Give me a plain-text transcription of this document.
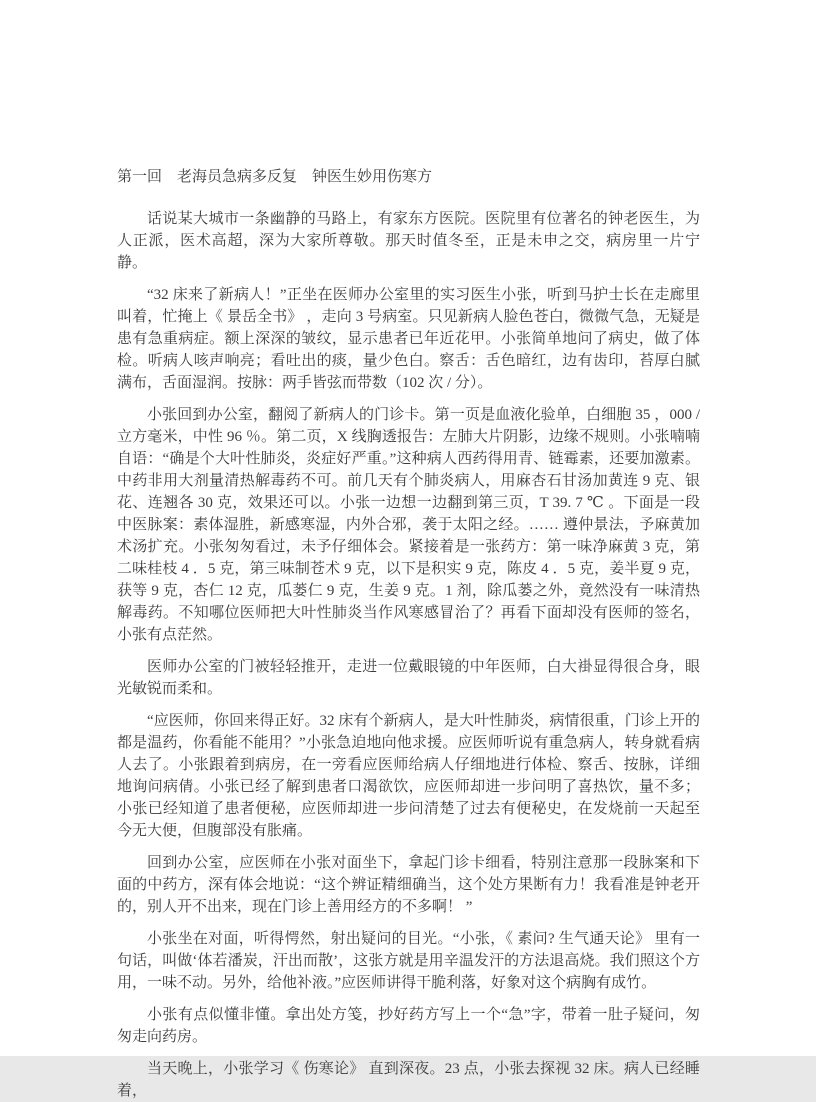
第一回　老海员急病多反复　钟医生妙用伤寒方

话说某大城市一条幽静的马路上，有家东方医院。医院里有位著名的钟老医生，为人正派，医术高超，深为大家所尊敬。那天时值冬至，正是未申之交，病房里一片宁静。

“32 床来了新病人！”正坐在医师办公室里的实习医生小张，听到马护士长在走廊里叫着，忙掩上《 景岳全书》 ，走向 3 号病室。只见新病人脸色苍白，微微气急，无疑是患有急重病症。额上深深的皱纹，显示患者已年近花甲。小张简单地问了病史，做了体检。听病人咳声响亮；看吐出的痰，量少色白。察舌：舌色暗红，边有齿印，苔厚白腻满布，舌面湿润。按脉：两手皆弦而带数（102 次 / 分）。

小张回到办公室，翻阅了新病人的门诊卡。第一页是血液化验单，白细胞 35 ，000 / 立方毫米，中性 96 ％。第二页，X 线胸透报告：左肺大片阴影，边缘不规则。小张喃喃自语：“确是个大叶性肺炎，炎症好严重。”这种病人西药得用青、链霉素，还要加激素。中药非用大剂量清热解毒药不可。前几天有个肺炎病人，用麻杏石甘汤加黄连 9 克、银花、连翘各 30 克，效果还可以。小张一边想一边翻到第三页，T 39. 7 ℃ 。下面是一段中医脉案：素体湿胜，新感寒湿，内外合邪，袭于太阳之经。…… 遵仲景法，予麻黄加术汤扩充。小张匆匆看过，未予仔细体会。紧接着是一张药方：第一味净麻黄 3 克，第二味桂枝 4 ．5 克，第三味制苍术 9 克，以下是积实 9 克，陈皮 4 ．5 克，姜半夏 9 克，获等 9 克，杏仁 12 克，瓜蒌仁 9 克，生姜 9 克。1 剂，除瓜蒌之外，竟然没有一味清热解毒药。不知哪位医师把大叶性肺炎当作风寒感冒治了？再看下面却没有医师的签名，小张有点茫然。

医师办公室的门被轻轻推开，走进一位戴眼镜的中年医师，白大褂显得很合身，眼光敏锐而柔和。

“应医师，你回来得正好。32 床有个新病人，是大叶性肺炎，病情很重，门诊上开的都是温药，你看能不能用？”小张急迫地向他求援。应医师听说有重急病人，转身就看病人去了。小张跟着到病房，在一旁看应医师给病人仔细地进行体检、察舌、按脉，详细地询问病倩。小张已经了解到患者口渴欲饮，应医师却进一步问明了喜热饮，量不多；小张已经知道了患者便秘，应医师却进一步问清楚了过去有便秘史，在发烧前一天起至今无大便，但腹部没有胀痛。

回到办公室，应医师在小张对面坐下，拿起门诊卡细看，特别注意那一段脉案和下面的中药方，深有体会地说：“这个辨证精细确当，这个处方果断有力！我看准是钟老开的，别人开不出来，现在门诊上善用经方的不多啊！ ”

小张坐在对面，听得愕然，射出疑问的目光。“小张，《 素问? 生气通天论》 里有一句话，叫做‘体若潘炭，汗出而散’，这张方就是用辛温发汗的方法退高烧。我们照这个方用，一味不动。另外，给他补液。”应医师讲得干脆利落，好象对这个病胸有成竹。

小张有点似懂非懂。拿出处方笺，抄好药方写上一个“急”字，带着一肚子疑问，匆匆走向药房。

当天晚上，小张学习《 伤寒论》 直到深夜。23 点，小张去探视 32 床。病人已经睡着，
